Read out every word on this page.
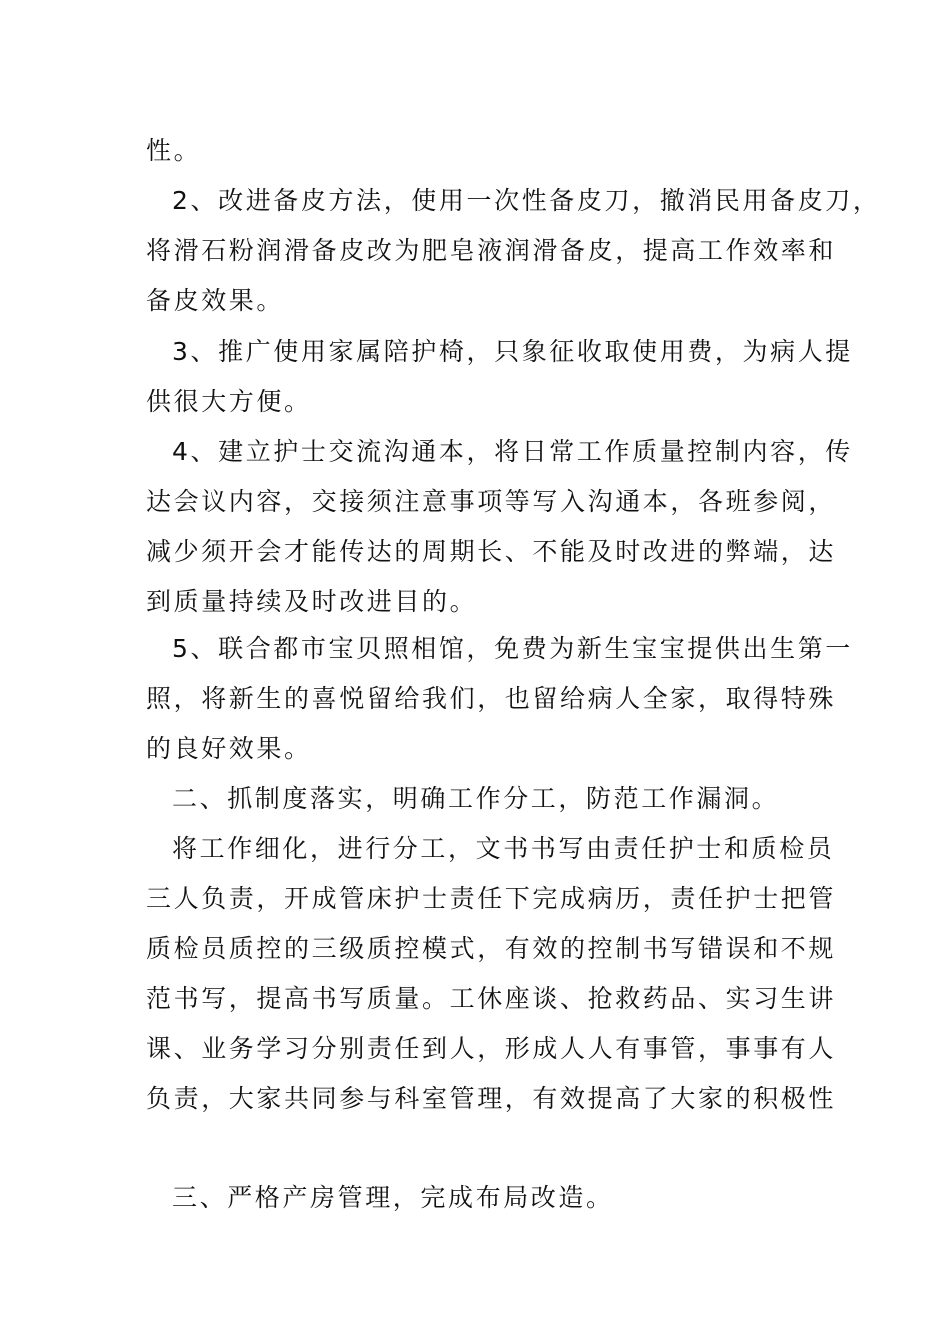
性。
2、改进备皮方法，使用一次性备皮刀，撤消民用备皮刀，
将滑石粉润滑备皮改为肥皂液润滑备皮，提高工作效率和
备皮效果。
3、推广使用家属陪护椅，只象征收取使用费，为病人提
供很大方便。
4、建立护士交流沟通本，将日常工作质量控制内容，传
达会议内容，交接须注意事项等写入沟通本，各班参阅，
减少须开会才能传达的周期长、不能及时改进的弊端，达
到质量持续及时改进目的。
5、联合都市宝贝照相馆，免费为新生宝宝提供出生第一
照，将新生的喜悦留给我们，也留给病人全家，取得特殊
的良好效果。
二、抓制度落实，明确工作分工，防范工作漏洞。
将工作细化，进行分工，文书书写由责任护士和质检员
三人负责，开成管床护士责任下完成病历，责任护士把管
质检员质控的三级质控模式，有效的控制书写错误和不规
范书写，提高书写质量。工休座谈、抢救药品、实习生讲
课、业务学习分别责任到人，形成人人有事管，事事有人
负责，大家共同参与科室管理，有效提高了大家的积极性
三、严格产房管理，完成布局改造。
